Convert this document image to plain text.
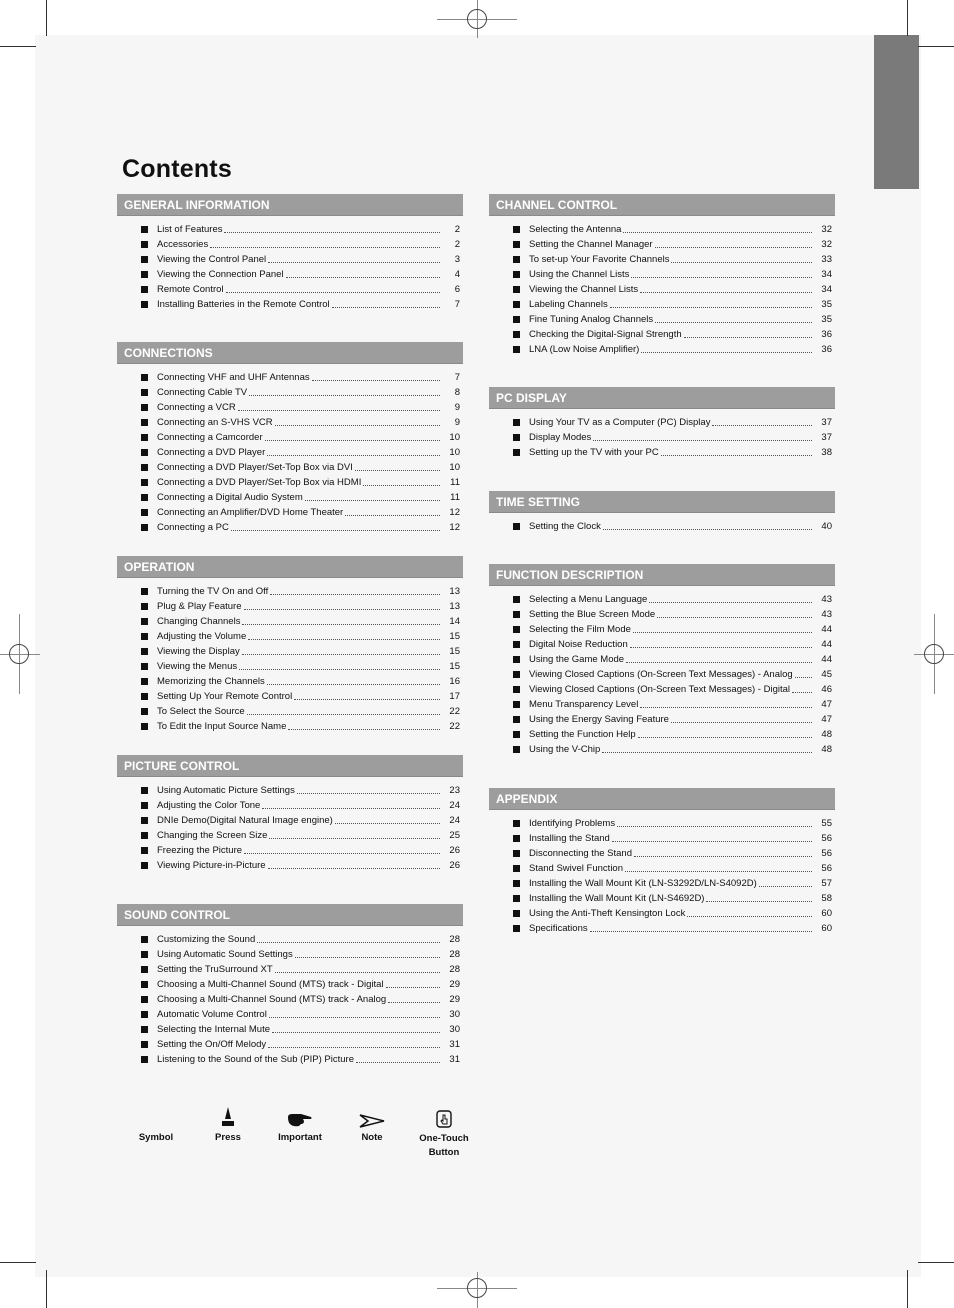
Contents
GENERAL INFORMATION
List of Features	2
Accessories	2
Viewing the Control Panel	3
Viewing the Connection Panel	4
Remote Control	6
Installing Batteries in the Remote Control	7
CONNECTIONS
Connecting VHF and UHF Antennas	7
Connecting Cable TV	8
Connecting a VCR	9
Connecting an S-VHS VCR	9
Connecting a Camcorder	10
Connecting a DVD Player	10
Connecting a DVD Player/Set-Top Box via DVI	10
Connecting a DVD Player/Set-Top Box via HDMI	11
Connecting a Digital Audio System	11
Connecting an Amplifier/DVD Home Theater	12
Connecting a PC	12
OPERATION
Turning the TV On and Off	13
Plug & Play Feature	13
Changing Channels	14
Adjusting the Volume	15
Viewing the Display	15
Viewing the Menus	15
Memorizing the Channels	16
Setting Up Your Remote Control	17
To Select the Source	22
To Edit the Input Source Name	22
PICTURE CONTROL
Using Automatic Picture Settings	23
Adjusting the Color Tone	24
DNIe Demo(Digital Natural Image engine)	24
Changing the Screen Size	25
Freezing the Picture	26
Viewing Picture-in-Picture	26
SOUND CONTROL
Customizing the Sound	28
Using Automatic Sound Settings	28
Setting the TruSurround XT	28
Choosing a Multi-Channel Sound (MTS) track - Digital	29
Choosing a Multi-Channel Sound (MTS) track - Analog	29
Automatic Volume Control	30
Selecting the Internal Mute	30
Setting the On/Off Melody	31
Listening to the Sound of the Sub (PIP) Picture	31
CHANNEL CONTROL
Selecting the Antenna	32
Setting the Channel Manager	32
To set-up Your Favorite Channels	33
Using the Channel Lists	34
Viewing the Channel Lists	34
Labeling Channels	35
Fine Tuning Analog Channels	35
Checking the Digital-Signal Strength	36
LNA (Low Noise Amplifier)	36
PC DISPLAY
Using Your TV as a Computer (PC) Display	37
Display Modes	37
Setting up the TV with your PC	38
TIME SETTING
Setting the Clock	40
FUNCTION DESCRIPTION
Selecting a Menu Language	43
Setting the Blue Screen Mode	43
Selecting the Film Mode	44
Digital Noise Reduction	44
Using the Game Mode	44
Viewing Closed Captions (On-Screen Text Messages) - Analog	45
Viewing Closed Captions (On-Screen Text Messages) - Digital	46
Menu Transparency Level	47
Using the Energy Saving Feature	47
Setting the Function Help	48
Using the V-Chip	48
APPENDIX
Identifying Problems	55
Installing the Stand	56
Disconnecting the Stand	56
Stand Swivel Function	56
Installing the Wall Mount Kit (LN-S3292D/LN-S4092D)	57
Installing the Wall Mount Kit (LN-S4692D)	58
Using the Anti-Theft Kensington Lock	60
Specifications	60
Symbol	Press	Important	Note	One-Touch
Button
